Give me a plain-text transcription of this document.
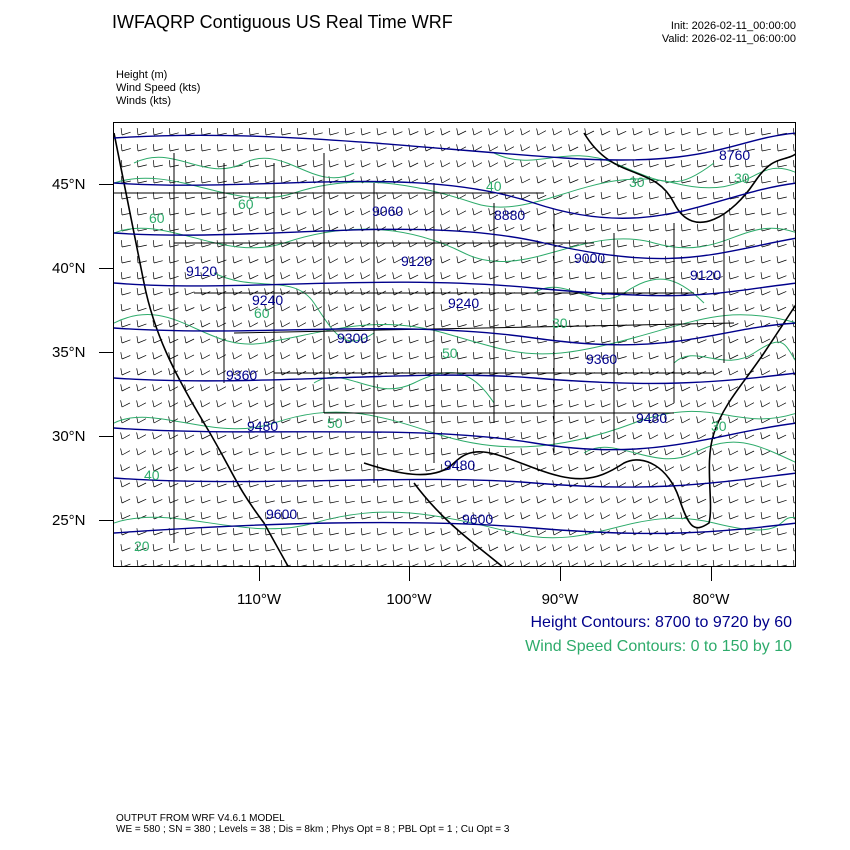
IWFAQRP Contiguous US Real Time WRF	Init: 2026-02-11_00:00:00
Valid: 2026-02-11_06:00:00
Height (m)
Wind Speed (kts)
Winds (kts)
8760
9060	8880
9120
9000
9120
9120
9240	9240
9300
9360
9360
9480
9480
9480
9600	9600
60
40	30
60
50
30
60
50
30
30
40
20
45°N
40°N
35°N
30°N
25°N
110°W	100°W	90°W	80°W
Height Contours: 8700 to 9720 by 60
Wind Speed Contours: 0 to 150 by 10
OUTPUT FROM WRF V4.6.1 MODEL
WE = 580 ; SN = 380 ; Levels = 38 ; Dis = 8km ; Phys Opt = 8 ; PBL Opt = 1 ; Cu Opt = 3
